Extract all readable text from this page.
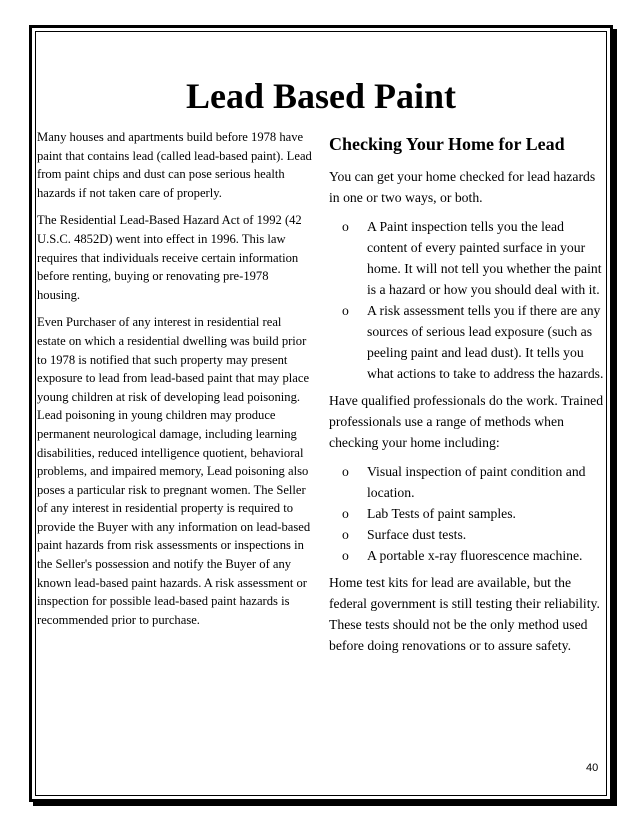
Lead Based Paint

Many houses and apartments build before 1978 have paint that contains lead (called lead-based paint). Lead from paint chips and dust can pose serious health hazards if not taken care of properly.

The Residential Lead-Based Hazard Act of 1992 (42 U.S.C. 4852D) went into effect in 1996. This law requires that individuals receive certain information before renting, buying or renovating pre-1978 housing.

Even Purchaser of any interest in residential real estate on which a residential dwelling was build prior to 1978 is notified that such property may present exposure to lead from lead-based paint that may place young children at risk of developing lead poisoning. Lead poisoning in young children may produce permanent neurological damage, including learning disabilities, reduced intelligence quotient, behavioral problems, and impaired memory, Lead poisoning also poses a particular risk to pregnant women. The Seller of any interest in residential property is required to provide the Buyer with any information on lead-based paint hazards from risk assessments or inspections in the Seller's possession and notify the Buyer of any known lead-based paint hazards. A risk assessment or inspection for possible lead-based paint hazards is recommended prior to purchase.

Checking Your Home for Lead

You can get your home checked for lead hazards in one or two ways, or both.

o A Paint inspection tells you the lead content of every painted surface in your home. It will not tell you whether the paint is a hazard or how you should deal with it.
o A risk assessment tells you if there are any sources of serious lead exposure (such as peeling paint and lead dust). It tells you what actions to take to address the hazards.

Have qualified professionals do the work. Trained professionals use a range of methods when checking your home including:

o Visual inspection of paint condition and location.
o Lab Tests of paint samples.
o Surface dust tests.
o A portable x-ray fluorescence machine.

Home test kits for lead are available, but the federal government is still testing their reliability. These tests should not be the only method used before doing renovations or to assure safety.

40
